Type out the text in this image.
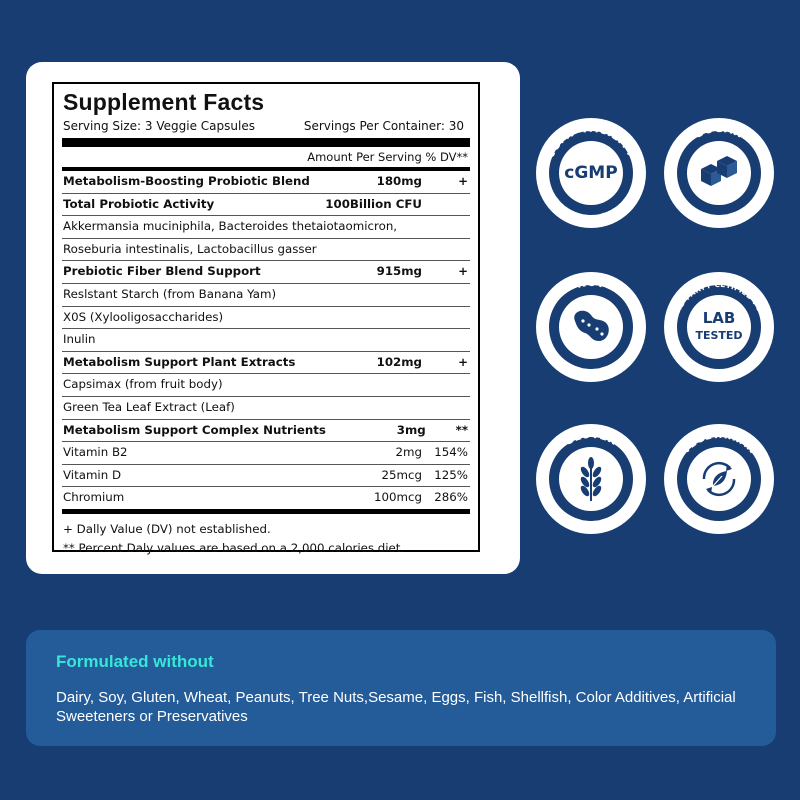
Supplement Facts
Serving Size: 3 Veggie Capsules	Servings Per Container: 30
Amount Per Serving % DV**
Metabolism-Boosting Probiotic Blend	180mg	+
Total Probiotic Activity	100Billion CFU
Akkermansia muciniphila, Bacteroides thetaiotaomicron,
Roseburia intestinalis, Lactobacillus gasser
Prebiotic Fiber Blend Support	915mg	+
Reslstant Starch (from Banana Yam)
X0S (Xylooligosaccharides)
Inulin
Metabolism Support Plant Extracts	102mg	+
Capsimax (from fruit body)
Green Tea Leaf Extract (Leaf)
Metabolism Support Complex Nutrients	3mg	**
Vitamin B2	2mg	154%
Vitamin D	25mcg	125%
Chromium	100mcg	286%
+ Dally Value (DV) not established.
** Percent Daly values are based on a 2,000 calories diet.
cGMP
cGMP FACILITY
cGMP FACILITY
SUGAR
FREE
NUT
FREE
LAB
TESTED
3RD PARTY CETIFIED FOR
PURITY & POTENCY
GLUTEN
FREE
VEGETARIAN
Formulated without
Dairy, Soy, Gluten, Wheat, Peanuts, Tree Nuts,Sesame, Eggs, Fish, Shellfish, Color Additives, Artificial Sweeteners or Preservatives
